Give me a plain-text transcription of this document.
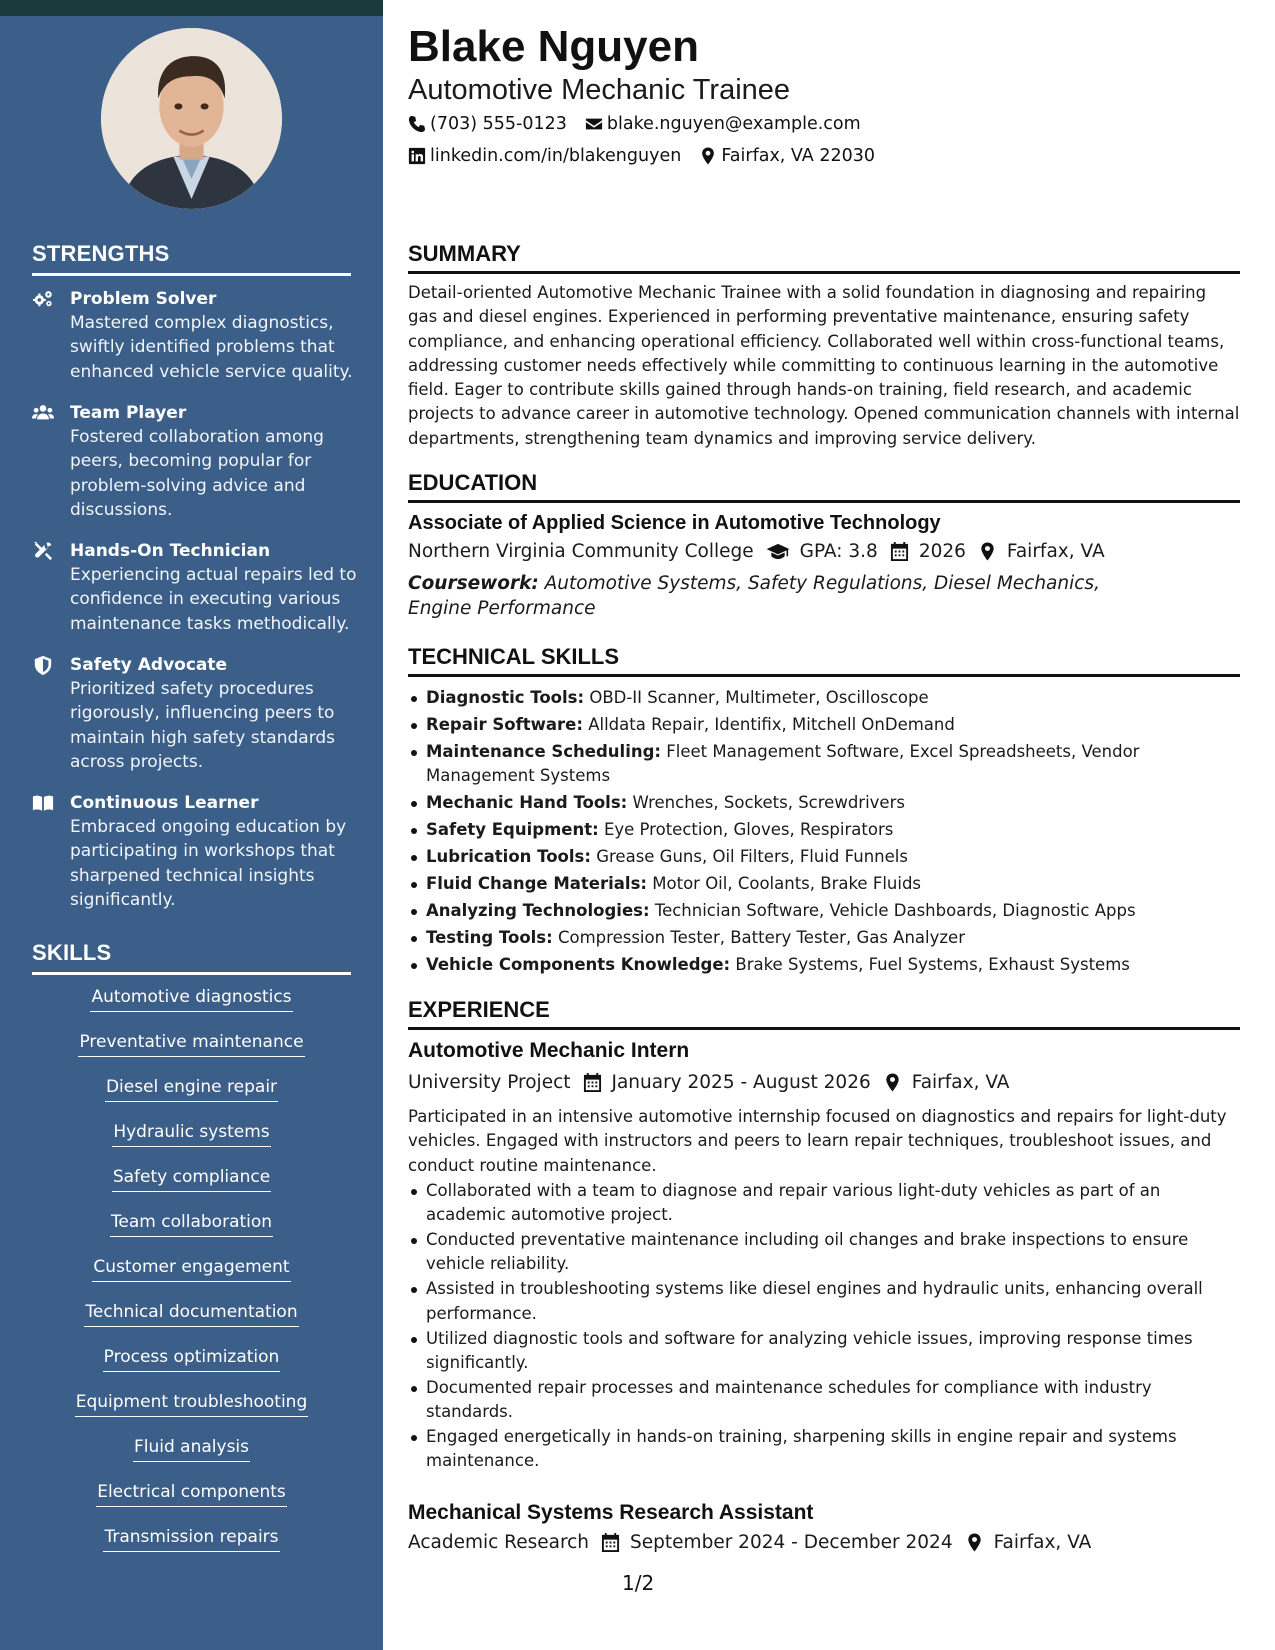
STRENGTHS
Problem Solver
Mastered complex diagnostics, swiftly identified problems that enhanced vehicle service quality.
Team Player
Fostered collaboration among peers, becoming popular for problem-solving advice and discussions.
Hands-On Technician
Experiencing actual repairs led to confidence in executing various maintenance tasks methodically.
Safety Advocate
Prioritized safety procedures rigorously, influencing peers to maintain high safety standards across projects.
Continuous Learner
Embraced ongoing education by participating in workshops that sharpened technical insights significantly.
SKILLS
Automotive diagnostics
Preventative maintenance
Diesel engine repair
Hydraulic systems
Safety compliance
Team collaboration
Customer engagement
Technical documentation
Process optimization
Equipment troubleshooting
Fluid analysis
Electrical components
Transmission repairs
Blake Nguyen
Automotive Mechanic Trainee
(703) 555-0123 blake.nguyen@example.com
linkedin.com/in/blakenguyen Fairfax, VA 22030
SUMMARY

Detail-oriented Automotive Mechanic Trainee with a solid foundation in diagnosing and repairing gas and diesel engines. Experienced in performing preventative maintenance, ensuring safety compliance, and enhancing operational efficiency. Collaborated well within cross-functional teams, addressing customer needs effectively while committing to continuous learning in the automotive field. Eager to contribute skills gained through hands-on training, field research, and academic projects to advance career in automotive technology. Opened communication channels with internal departments, strengthening team dynamics and improving service delivery.

EDUCATION
Associate of Applied Science in Automotive Technology
Northern Virginia Community College GPA: 3.8 2026 Fairfax, VA
Coursework: Automotive Systems, Safety Regulations, Diesel Mechanics, Engine Performance
TECHNICAL SKILLS
Diagnostic Tools: OBD-II Scanner, Multimeter, Oscilloscope
Repair Software: Alldata Repair, Identifix, Mitchell OnDemand
Maintenance Scheduling: Fleet Management Software, Excel Spreadsheets, Vendor Management Systems
Mechanic Hand Tools: Wrenches, Sockets, Screwdrivers
Safety Equipment: Eye Protection, Gloves, Respirators
Lubrication Tools: Grease Guns, Oil Filters, Fluid Funnels
Fluid Change Materials: Motor Oil, Coolants, Brake Fluids
Analyzing Technologies: Technician Software, Vehicle Dashboards, Diagnostic Apps
Testing Tools: Compression Tester, Battery Tester, Gas Analyzer
Vehicle Components Knowledge: Brake Systems, Fuel Systems, Exhaust Systems
EXPERIENCE
Automotive Mechanic Intern
University Project January 2025 - August 2026 Fairfax, VA

Participated in an intensive automotive internship focused on diagnostics and repairs for light-duty vehicles. Engaged with instructors and peers to learn repair techniques, troubleshoot issues, and conduct routine maintenance.

Collaborated with a team to diagnose and repair various light-duty vehicles as part of an academic automotive project.
Conducted preventative maintenance including oil changes and brake inspections to ensure vehicle reliability.
Assisted in troubleshooting systems like diesel engines and hydraulic units, enhancing overall performance.
Utilized diagnostic tools and software for analyzing vehicle issues, improving response times significantly.
Documented repair processes and maintenance schedules for compliance with industry standards.
Engaged energetically in hands-on training, sharpening skills in engine repair and systems maintenance.
Mechanical Systems Research Assistant
Academic Research September 2024 - December 2024 Fairfax, VA
1/2
